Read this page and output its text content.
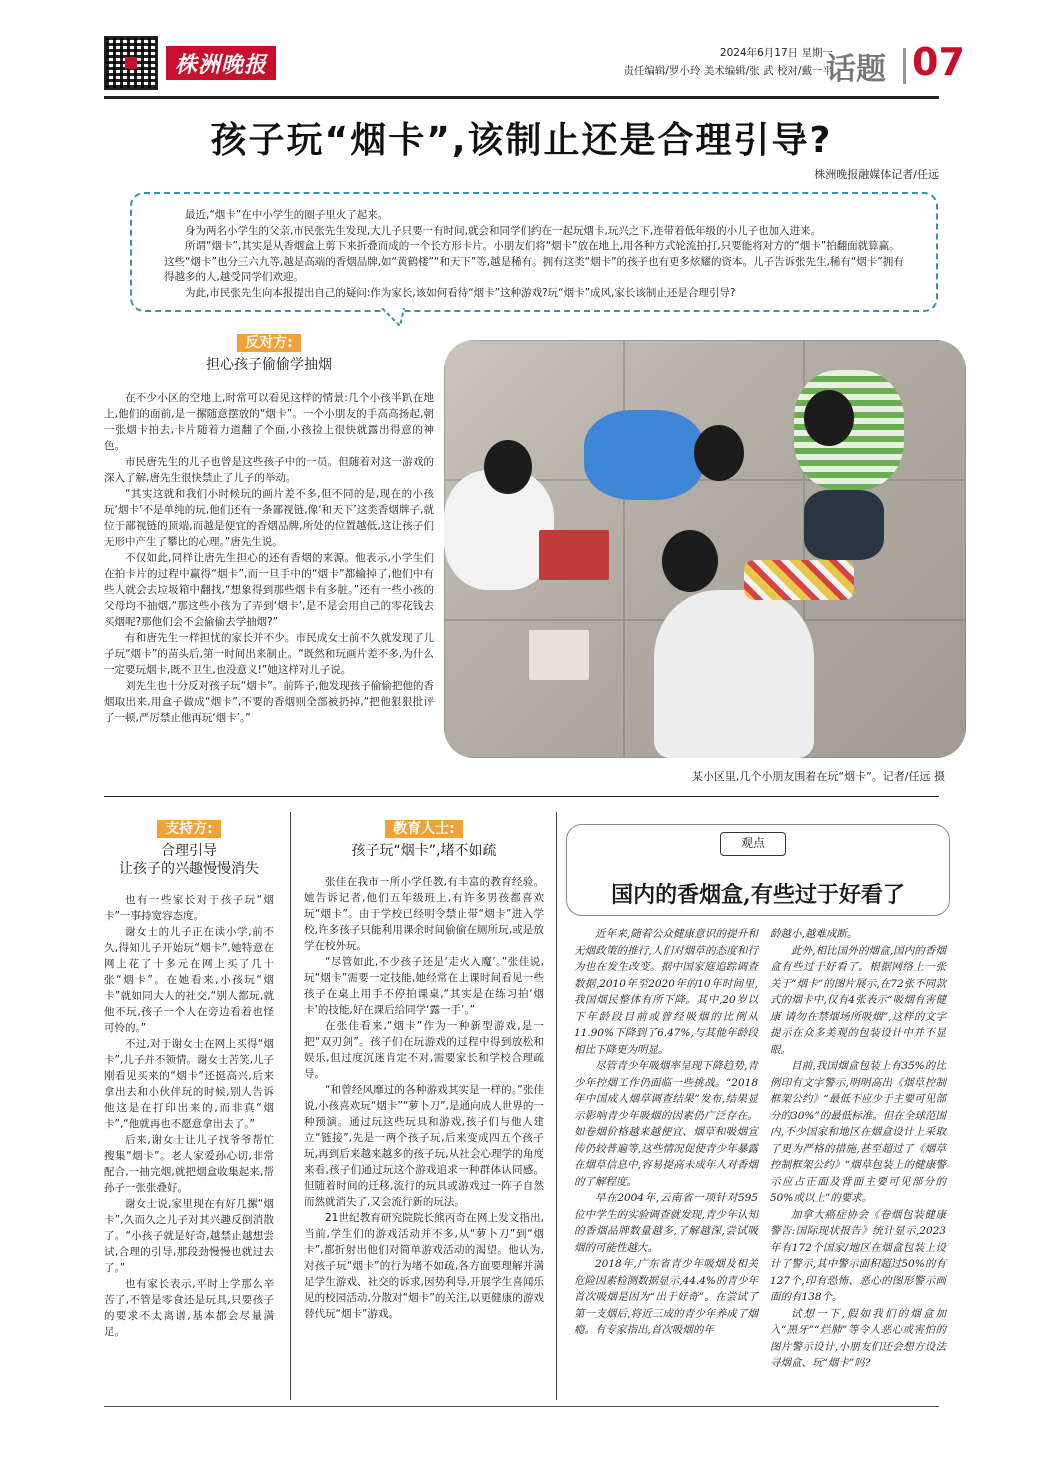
株洲晚报	2024年6月17日 星期一
责任编辑/罗小玲 美术编辑/张 武 校对/戴一平
话题 07
孩子玩“烟卡”,该制止还是合理引导?
株洲晚报融媒体记者/任远

最近,“烟卡”在中小学生的圈子里火了起来。

身为两名小学生的父亲,市民张先生发现,大儿子只要一有时间,就会和同学们约在一起玩烟卡,玩兴之下,连带着低年级的小儿子也加入进来。

所谓“烟卡”,其实是从香烟盒上剪下来折叠而成的一个长方形卡片。小朋友们将“烟卡”放在地上,用各种方式轮流拍打,只要能将对方的“烟卡”拍翻面就算赢。这些“烟卡”也分三六九等,越是高端的香烟品牌,如“黄鹤楼”“和天下”等,越是稀有。拥有这类“烟卡”的孩子也有更多炫耀的资本。儿子告诉张先生,稀有“烟卡”拥有得越多的人,越受同学们欢迎。

为此,市民张先生向本报提出自己的疑问:作为家长,该如何看待“烟卡”这种游戏?玩“烟卡”成风,家长该制止还是合理引导?

反对方:
担心孩子偷偷学抽烟

在不少小区的空地上,时常可以看见这样的情景:几个小孩半趴在地上,他们的面前,是一摞随意摆放的“烟卡”。一个小朋友的手高高扬起,朝一张烟卡拍去,卡片随着力道翻了个面,小孩捡上很快就露出得意的神色。

市民唐先生的儿子也曾是这些孩子中的一员。但随着对这一游戏的深入了解,唐先生很快禁止了儿子的举动。

“其实这就和我们小时候玩的画片差不多,但不同的是,现在的小孩玩‘烟卡’不是单纯的玩,他们还有一条鄙视链,像‘和天下’这类香烟牌子,就位于鄙视链的顶端,而越是便宜的香烟品牌,所处的位置越低,这让孩子们无形中产生了攀比的心理。”唐先生说。

不仅如此,同样让唐先生担心的还有香烟的来源。他表示,小学生们在拍卡片的过程中赢得“烟卡”,而一旦手中的“烟卡”都输掉了,他们中有些人就会去垃圾箱中翻找,“想象得到那些烟卡有多脏。”还有一些小孩的父母均不抽烟,“那这些小孩为了弄到‘烟卡’,是不是会用自己的零花钱去买烟呢?那他们会不会偷偷去学抽烟?”

有和唐先生一样担忧的家长并不少。市民成女士前不久就发现了儿子玩“烟卡”的苗头后,第一时间出来制止。“既然和玩画片差不多,为什么一定要玩烟卡,既不卫生,也没意义!”她这样对儿子说。

刘先生也十分反对孩子玩“烟卡”。前阵子,他发现孩子偷偷把他的香烟取出来,用盒子做成“烟卡”,不要的香烟则全部被扔掉,“把他狠狠批评了一顿,严厉禁止他再玩‘烟卡’。”

某小区里,几个小朋友围着在玩“烟卡”。记者/任远 摄
支持方:
合理引导
让孩子的兴趣慢慢消失

也有一些家长对于孩子玩“烟卡”一事持宽容态度。

谢女士的儿子正在读小学,前不久,得知儿子开始玩“烟卡”,她特意在网上花了十多元在网上买了几十张“烟卡”。在她看来,小孩玩“烟卡”就如同大人的社交,“别人都玩,就他不玩,孩子一个人在旁边看着也怪可怜的。”

不过,对于谢女士在网上买得“烟卡”,儿子并不领情。谢女士苦笑,儿子刚看见买来的“烟卡”还挺高兴,后来拿出去和小伙伴玩的时候,别人告诉他这是在打印出来的,而非真“烟卡”,“他就再也不愿意拿出去了。”

后来,谢女士让儿子找爷爷帮忙搜集“烟卡”。老人家爱孙心切,非常配合,一抽完烟,就把烟盒收集起来,帮孙子一张张叠好。

谢女士说,家里现在有好几摞“烟卡”,久而久之儿子对其兴趣反倒消散了。“小孩子就是好奇,越禁止越想尝试,合理的引导,那段劲慢慢也就过去了。”

也有家长表示,平时上学那么辛苦了,不管是零食还是玩具,只要孩子的要求不太离谱,基本都会尽量满足。

教育人士:
孩子玩“烟卡”,堵不如疏

张佳在我市一所小学任教,有丰富的教育经验。她告诉记者,他们五年级班上,有许多男孩都喜欢玩“烟卡”。由于学校已经明令禁止带“烟卡”进入学校,许多孩子只能利用课余时间偷偷在厕所玩,或是放学在校外玩。

“尽管如此,不少孩子还是‘走火入魔’。”张佳说,玩“烟卡”需要一定技能,她经常在上课时间看见一些孩子在桌上用手不停拍课桌,“其实是在练习拍‘烟卡’的技能,好在课后给同学‘露一手’。”

在张佳看来,“烟卡”作为一种新型游戏,是一把“双刃剑”。孩子们在玩游戏的过程中得到放松和娱乐,但过度沉迷肯定不对,需要家长和学校合理疏导。

“和曾经风靡过的各种游戏其实是一样的。”张佳说,小孩喜欢玩“烟卡”“萝卜刀”,是通向成人世界的一种预演。通过玩这些玩具和游戏,孩子们与他人建立“链接”,先是一两个孩子玩,后来变成四五个孩子玩,再到后来越来越多的孩子玩,从社会心理学的角度来看,孩子们通过玩这个游戏追求一种群体认同感。但随着时间的迁移,流行的玩具或游戏过一阵子自然而然就消失了,又会流行新的玩法。

21世纪教育研究院院长熊丙奇在网上发文指出,当前,学生们的游戏活动并不多,从“萝卜刀”到“烟卡”,都折射出他们对简单游戏活动的渴望。他认为,对孩子玩“烟卡”的行为堵不如疏,各方面要理解并满足学生游戏、社交的诉求,因势利导,开展学生喜闻乐见的校园活动,分散对“烟卡”的关注,以更健康的游戏替代玩“烟卡”游戏。

观点
国内的香烟盒,有些过于好看了

近年来,随着公众健康意识的提升和无烟政策的推行,人们对烟草的态度和行为也在发生改变。据中国家庭追踪调查数据,2010年至2020年的10年时间里,我国烟民整体有所下降。其中,20岁以下年龄段目前或曾经吸烟的比例从11.90%下降到了6.47%,与其他年龄段相比下降更为明显。

尽管青少年吸烟率呈现下降趋势,青少年控烟工作仍面临一些挑战。“2018年中国成人烟草调查结果”发布,结果显示影响青少年吸烟的因素仍广泛存在。如卷烟价格越来越便宜、烟草和吸烟宣传仍较普遍等,这些情况促使青少年暴露在烟草信息中,容易提高未成年人对香烟的了解程度。

早在2004年,云南省一项针对595位中学生的实验调查就发现,青少年认知的香烟品牌数量越多,了解越深,尝试吸烟的可能性越大。

2018年,广东省青少年吸烟及相关危险因素检测数据显示,44.4%的青少年首次吸烟是因为“出于好奇”。在尝试了第一支烟后,将近三成的青少年养成了烟瘾。有专家指出,首次吸烟的年

龄越小,越难成断。

此外,相比国外的烟盒,国内的香烟盒有些过于好看了。根据网络上一张关于“烟卡”的图片展示,在72张不同款式的烟卡中,仅有4张表示“吸烟有害健康 请勿在禁烟场所吸烟”,这样的文字提示在众多美观的包装设计中并不显眼。

目前,我国烟盒包装上有35%的比例印有文字警示,明明高出《烟草控制框架公约》“最低不应少于主要可见部分的30%”的最低标准。但在全球范围内,不少国家和地区在烟盒设计上采取了更为严格的措施,甚至超过了《烟草控制框架公约》“烟草包装上的健康警示应占正面及背面主要可见部分的50%或以上”的要求。

加拿大癌症协会《卷烟包装健康警告:国际现状报告》统计显示,2023年有172个国家/地区在烟盒包装上设计了警示,其中警示面积超过50%的有127个,印有恐怖、恶心的图形警示画面的有138个。

试想一下,假如我们的烟盒加入“黑牙”“烂肺”等令人恶心或害怕的图片警示设计,小朋友们还会想方设法寻烟盒、玩“烟卡”吗?
